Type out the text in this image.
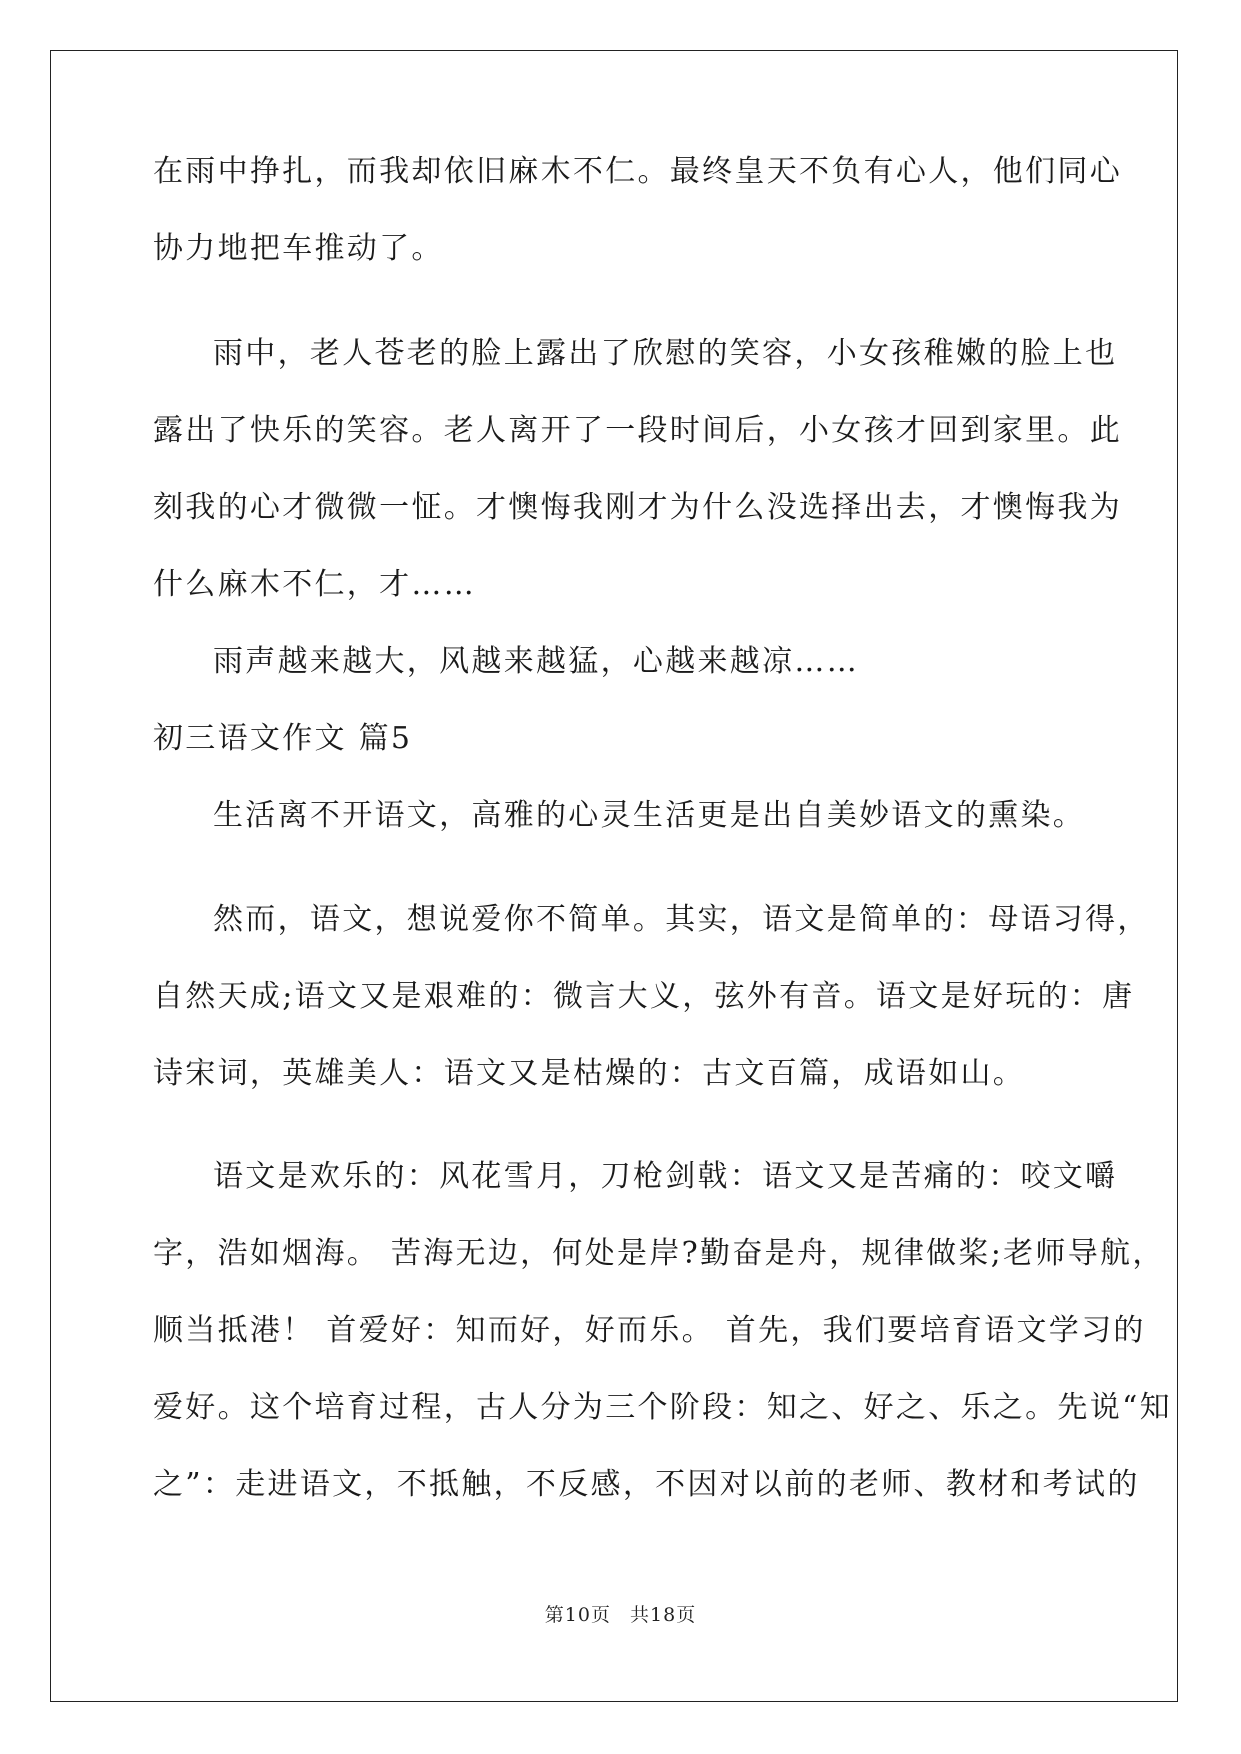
在雨中挣扎，而我却依旧麻木不仁。最终皇天不负有心人，他们同心
协力地把车推动了。
雨中，老人苍老的脸上露出了欣慰的笑容，小女孩稚嫩的脸上也
露出了快乐的笑容。老人离开了一段时间后，小女孩才回到家里。此
刻我的心才微微一怔。才懊悔我刚才为什么没选择出去，才懊悔我为
什么麻木不仁，才……
雨声越来越大，风越来越猛，心越来越凉……
初三语文作文 篇5
生活离不开语文，高雅的心灵生活更是出自美妙语文的熏染。
然而，语文，想说爱你不简单。其实，语文是简单的：母语习得，
自然天成;语文又是艰难的：微言大义，弦外有音。语文是好玩的：唐
诗宋词，英雄美人：语文又是枯燥的：古文百篇，成语如山。
语文是欢乐的：风花雪月，刀枪剑戟：语文又是苦痛的：咬文嚼
字，浩如烟海。 苦海无边，何处是岸?勤奋是舟，规律做桨;老师导航，
顺当抵港！ 首爱好：知而好，好而乐。 首先，我们要培育语文学习的
爱好。这个培育过程，古人分为三个阶段：知之、好之、乐之。先说“知
之”：走进语文，不抵触，不反感，不因对以前的老师、教材和考试的
第10页 共18页
